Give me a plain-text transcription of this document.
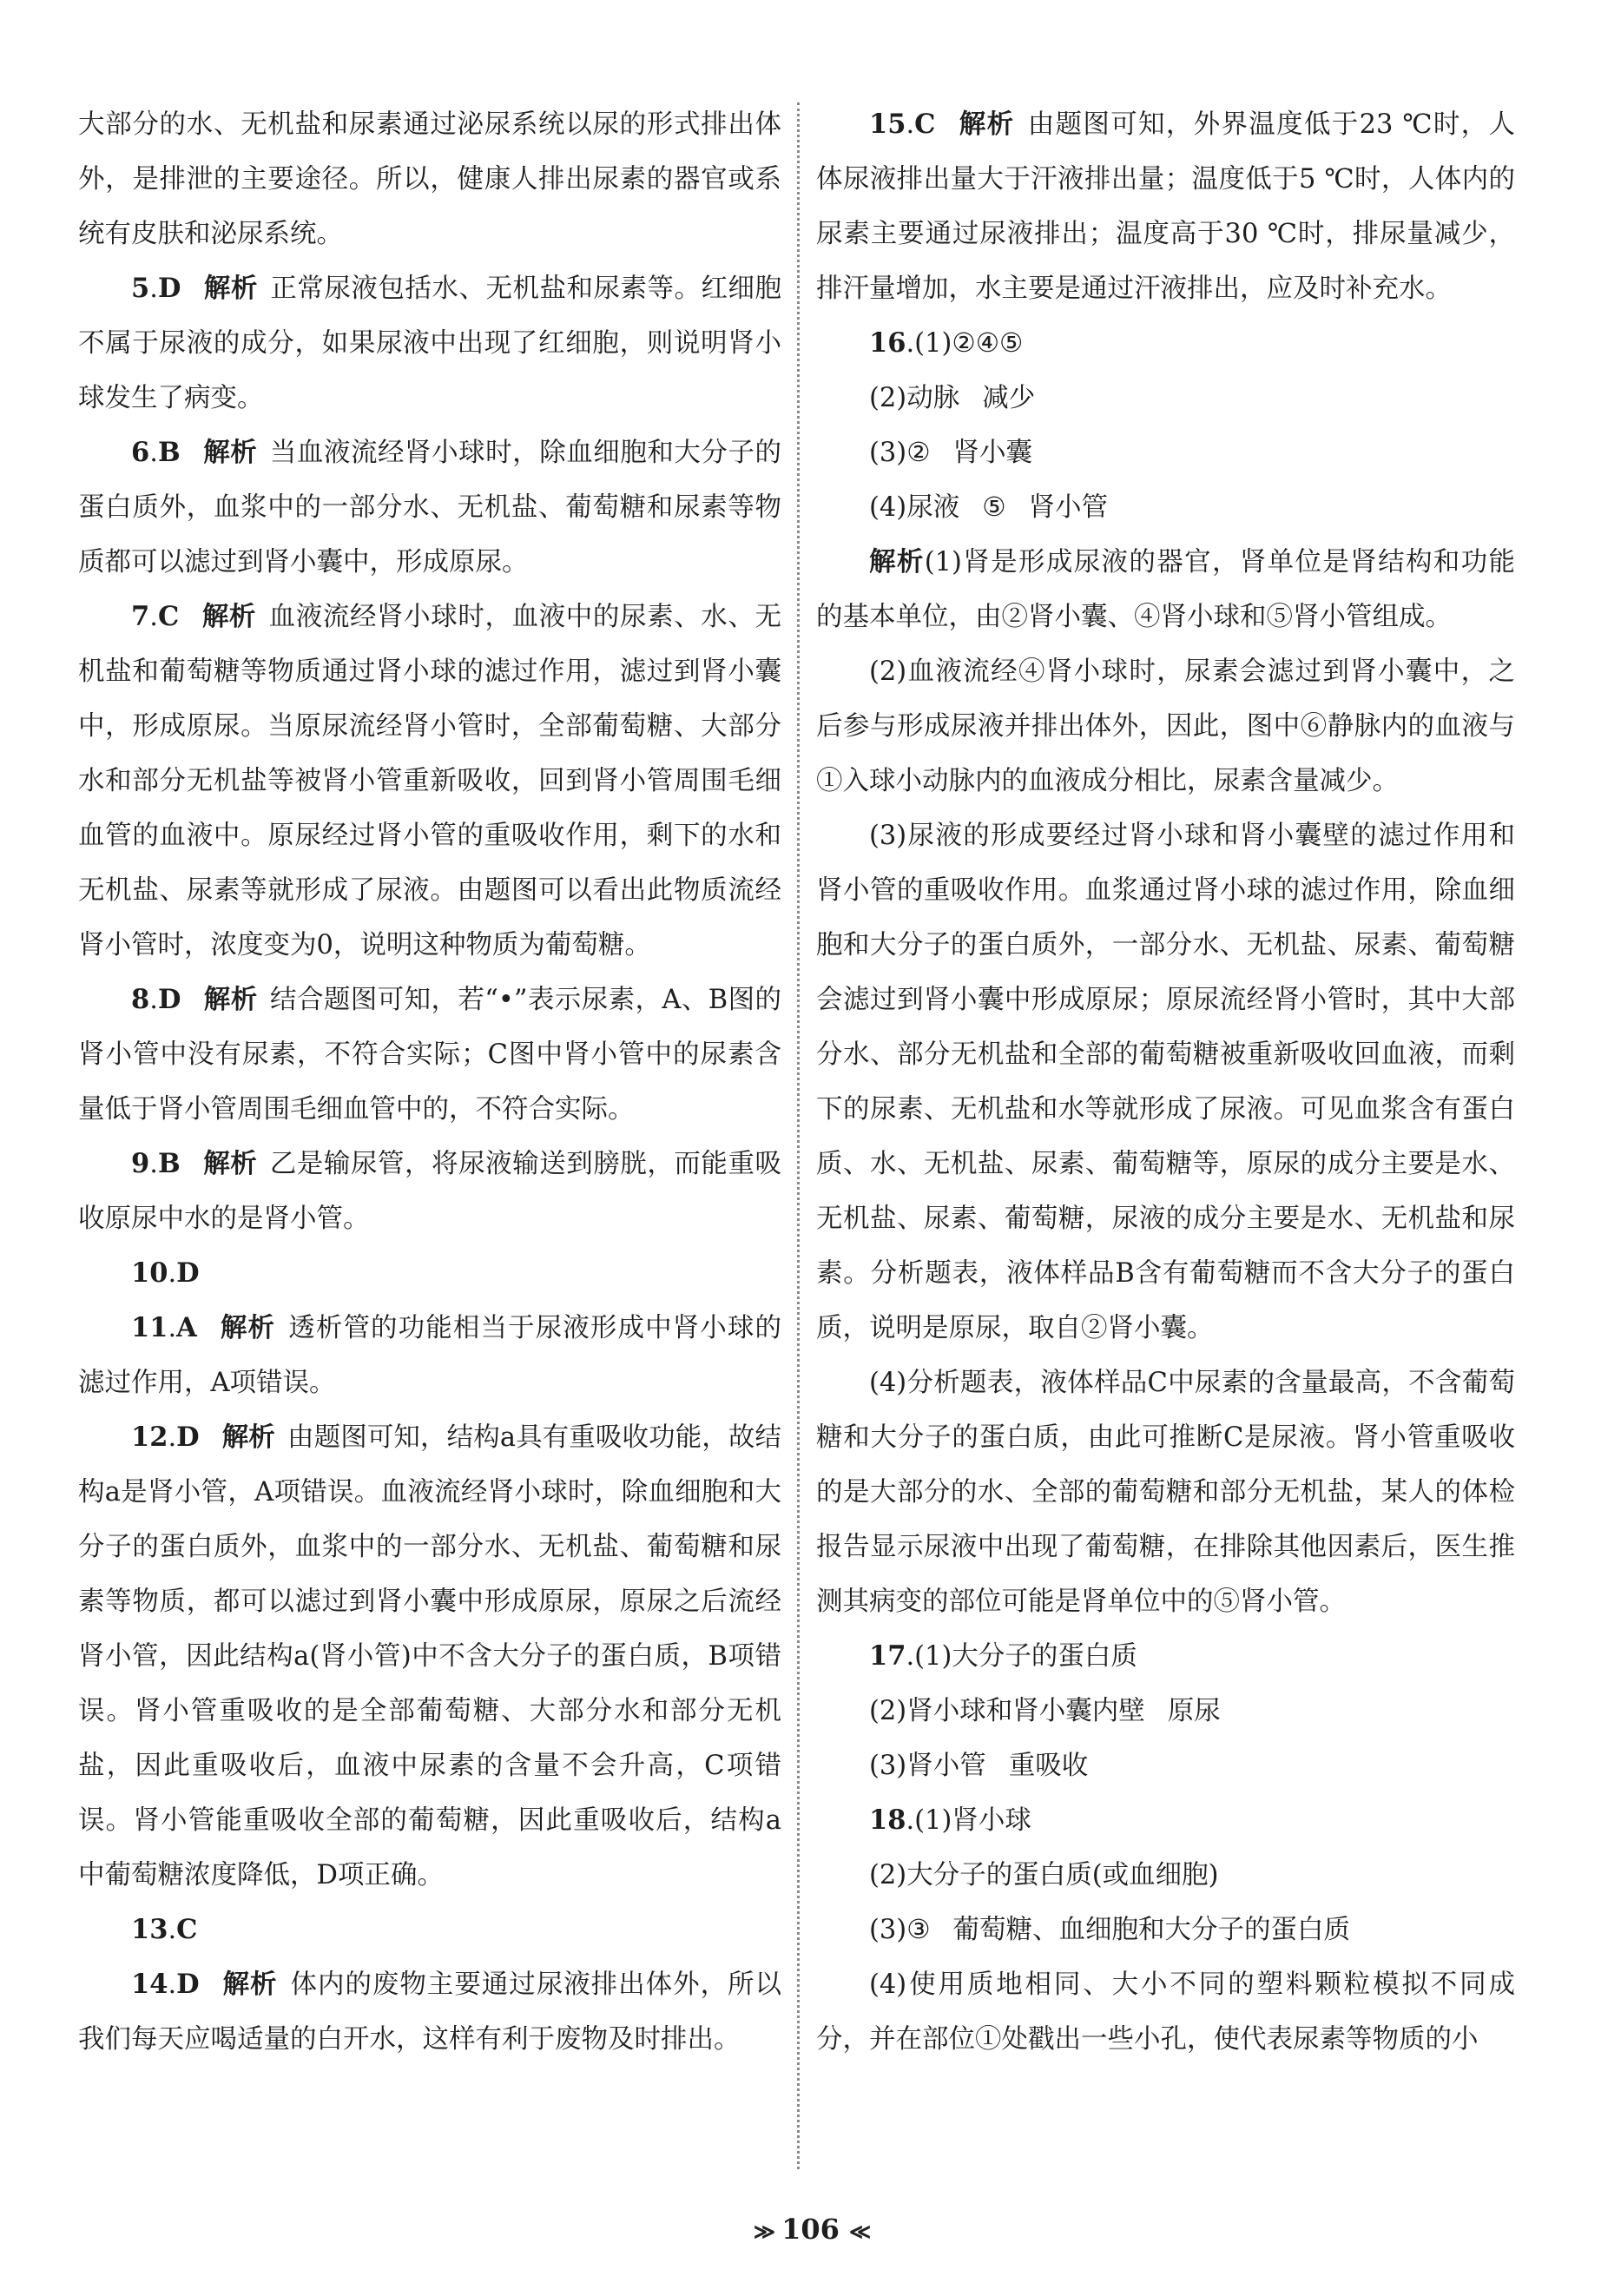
大部分的水、无机盐和尿素通过泌尿系统以尿的形式排出体外，是排泄的主要途径。所以，健康人排出尿素的器官或系统有皮肤和泌尿系统。

5.D 解析 正常尿液包括水、无机盐和尿素等。红细胞不属于尿液的成分，如果尿液中出现了红细胞，则说明肾小球发生了病变。

6.B 解析 当血液流经肾小球时，除血细胞和大分子的蛋白质外，血浆中的一部分水、无机盐、葡萄糖和尿素等物质都可以滤过到肾小囊中，形成原尿。

7.C 解析 血液流经肾小球时，血液中的尿素、水、无机盐和葡萄糖等物质通过肾小球的滤过作用，滤过到肾小囊中，形成原尿。当原尿流经肾小管时，全部葡萄糖、大部分水和部分无机盐等被肾小管重新吸收，回到肾小管周围毛细血管的血液中。原尿经过肾小管的重吸收作用，剩下的水和无机盐、尿素等就形成了尿液。由题图可以看出此物质流经肾小管时，浓度变为0，说明这种物质为葡萄糖。

8.D 解析 结合题图可知，若“•”表示尿素，A、B图的肾小管中没有尿素，不符合实际；C图中肾小管中的尿素含量低于肾小管周围毛细血管中的，不符合实际。

9.B 解析 乙是输尿管，将尿液输送到膀胱，而能重吸收原尿中水的是肾小管。

10.D

11.A 解析 透析管的功能相当于尿液形成中肾小球的滤过作用，A项错误。

12.D 解析 由题图可知，结构a具有重吸收功能，故结构a是肾小管，A项错误。血液流经肾小球时，除血细胞和大分子的蛋白质外，血浆中的一部分水、无机盐、葡萄糖和尿素等物质，都可以滤过到肾小囊中形成原尿，原尿之后流经肾小管，因此结构a(肾小管)中不含大分子的蛋白质，B项错误。肾小管重吸收的是全部葡萄糖、大部分水和部分无机盐，因此重吸收后，血液中尿素的含量不会升高，C项错误。肾小管能重吸收全部的葡萄糖，因此重吸收后，结构a中葡萄糖浓度降低，D项正确。

13.C

14.D 解析 体内的废物主要通过尿液排出体外，所以我们每天应喝适量的白开水，这样有利于废物及时排出。

15.C 解析 由题图可知，外界温度低于23 ℃时，人体尿液排出量大于汗液排出量；温度低于5 ℃时，人体内的尿素主要通过尿液排出；温度高于30 ℃时，排尿量减少，排汗量增加，水主要是通过汗液排出，应及时补充水。

16.(1)②④⑤

(2)动脉 减少

(3)② 肾小囊

(4)尿液 ⑤ 肾小管

解析(1)肾是形成尿液的器官，肾单位是肾结构和功能的基本单位，由②肾小囊、④肾小球和⑤肾小管组成。

(2)血液流经④肾小球时，尿素会滤过到肾小囊中，之后参与形成尿液并排出体外，因此，图中⑥静脉内的血液与①入球小动脉内的血液成分相比，尿素含量减少。

(3)尿液的形成要经过肾小球和肾小囊壁的滤过作用和肾小管的重吸收作用。血浆通过肾小球的滤过作用，除血细胞和大分子的蛋白质外，一部分水、无机盐、尿素、葡萄糖会滤过到肾小囊中形成原尿；原尿流经肾小管时，其中大部分水、部分无机盐和全部的葡萄糖被重新吸收回血液，而剩下的尿素、无机盐和水等就形成了尿液。可见血浆含有蛋白质、水、无机盐、尿素、葡萄糖等，原尿的成分主要是水、无机盐、尿素、葡萄糖，尿液的成分主要是水、无机盐和尿素。分析题表，液体样品B含有葡萄糖而不含大分子的蛋白质，说明是原尿，取自②肾小囊。

(4)分析题表，液体样品C中尿素的含量最高，不含葡萄糖和大分子的蛋白质，由此可推断C是尿液。肾小管重吸收的是大部分的水、全部的葡萄糖和部分无机盐，某人的体检报告显示尿液中出现了葡萄糖，在排除其他因素后，医生推测其病变的部位可能是肾单位中的⑤肾小管。

17.(1)大分子的蛋白质

(2)肾小球和肾小囊内壁 原尿

(3)肾小管 重吸收

18.(1)肾小球

(2)大分子的蛋白质(或血细胞)

(3)③ 葡萄糖、血细胞和大分子的蛋白质

(4)使用质地相同、大小不同的塑料颗粒模拟不同成分，并在部位①处戳出一些小孔，使代表尿素等物质的小

≫ 106 ≪
